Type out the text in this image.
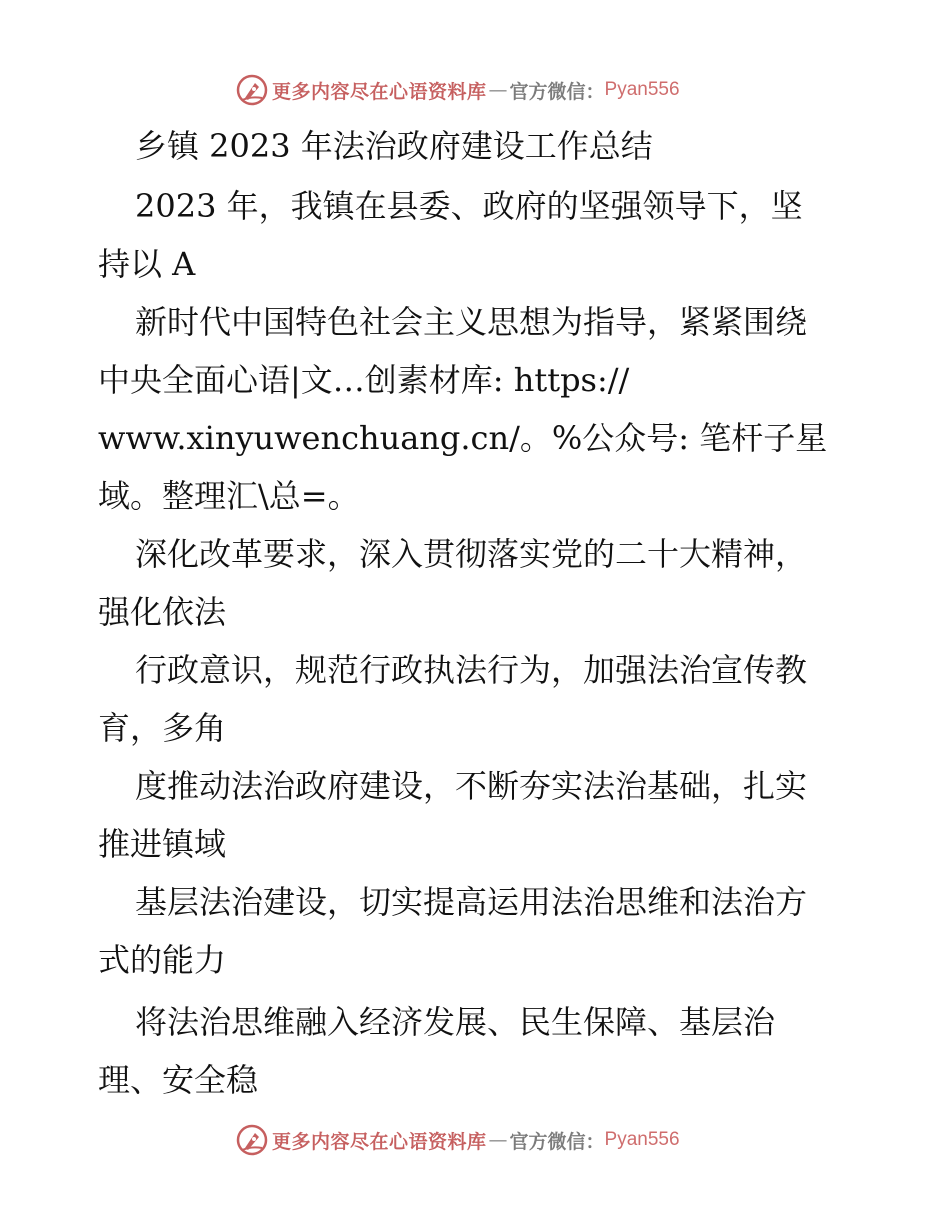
更多内容尽在心语资料库 — 官方微信： Pyan556
乡镇 2023 年法治政府建设工作总结
2023 年，我镇在县委、政府的坚强领导下，坚
持以 A
新时代中国特色社会主义思想为指导，紧紧围绕
中央全面心语|文…创素材库: https://
www.xinyuwenchuang.cn/。%公众号: 笔杆子星
域。整理汇\总=。
深化改革要求，深入贯彻落实党的二十大精神，
强化依法
行政意识，规范行政执法行为，加强法治宣传教
育，多角
度推动法治政府建设，不断夯实法治基础，扎实
推进镇域
基层法治建设，切实提高运用法治思维和法治方
式的能力
将法治思维融入经济发展、民生保障、基层治
理、安全稳
更多内容尽在心语资料库 — 官方微信： Pyan556
